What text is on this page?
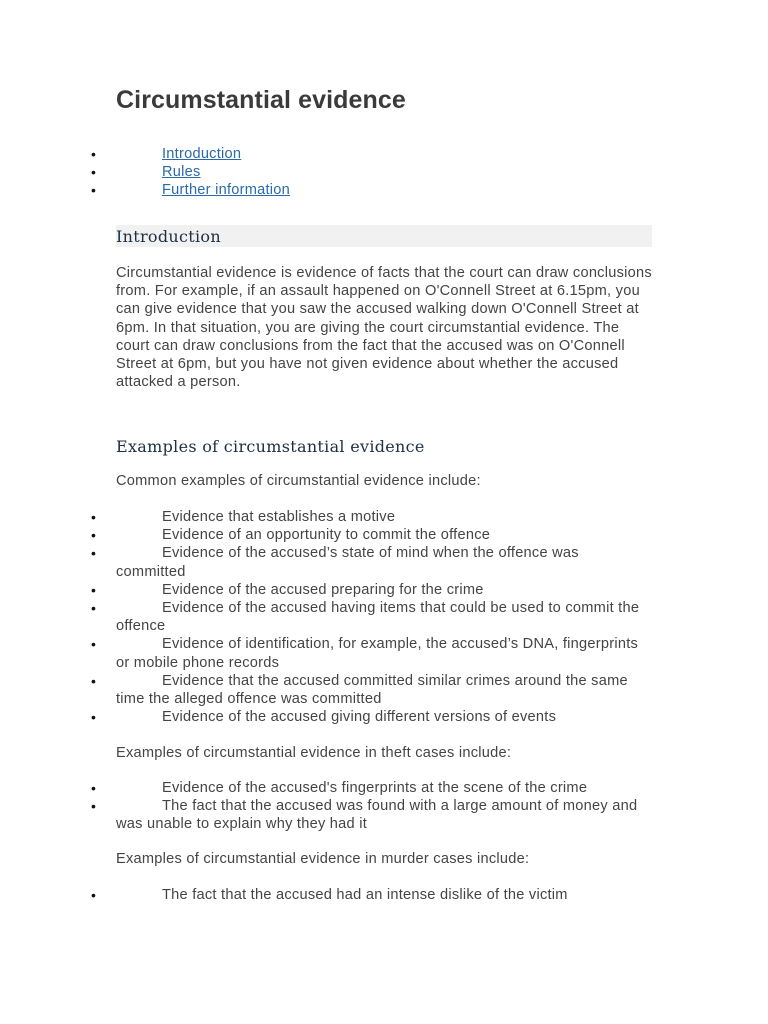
Circumstantial evidence
•	Introduction
•	Rules
•	Further information
Introduction

Circumstantial evidence is evidence of facts that the court can draw conclusions from. For example, if an assault happened on O'Connell Street at 6.15pm, you can give evidence that you saw the accused walking down O'Connell Street at 6pm. In that situation, you are giving the court circumstantial evidence. The court can draw conclusions from the fact that the accused was on O'Connell Street at 6pm, but you have not given evidence about whether the accused attacked a person.

Examples of circumstantial evidence

Common examples of circumstantial evidence include:

•	Evidence that establishes a motive
•	Evidence of an opportunity to commit the offence
•	Evidence of the accused’s state of mind when the offence was committed
•	Evidence of the accused preparing for the crime
•	Evidence of the accused having items that could be used to commit the offence
•	Evidence of identification, for example, the accused’s DNA, fingerprints or mobile phone records
•	Evidence that the accused committed similar crimes around the same time the alleged offence was committed
•	Evidence of the accused giving different versions of events

Examples of circumstantial evidence in theft cases include:

•	Evidence of the accused's fingerprints at the scene of the crime
•	The fact that the accused was found with a large amount of money and was unable to explain why they had it

Examples of circumstantial evidence in murder cases include:

•	The fact that the accused had an intense dislike of the victim
